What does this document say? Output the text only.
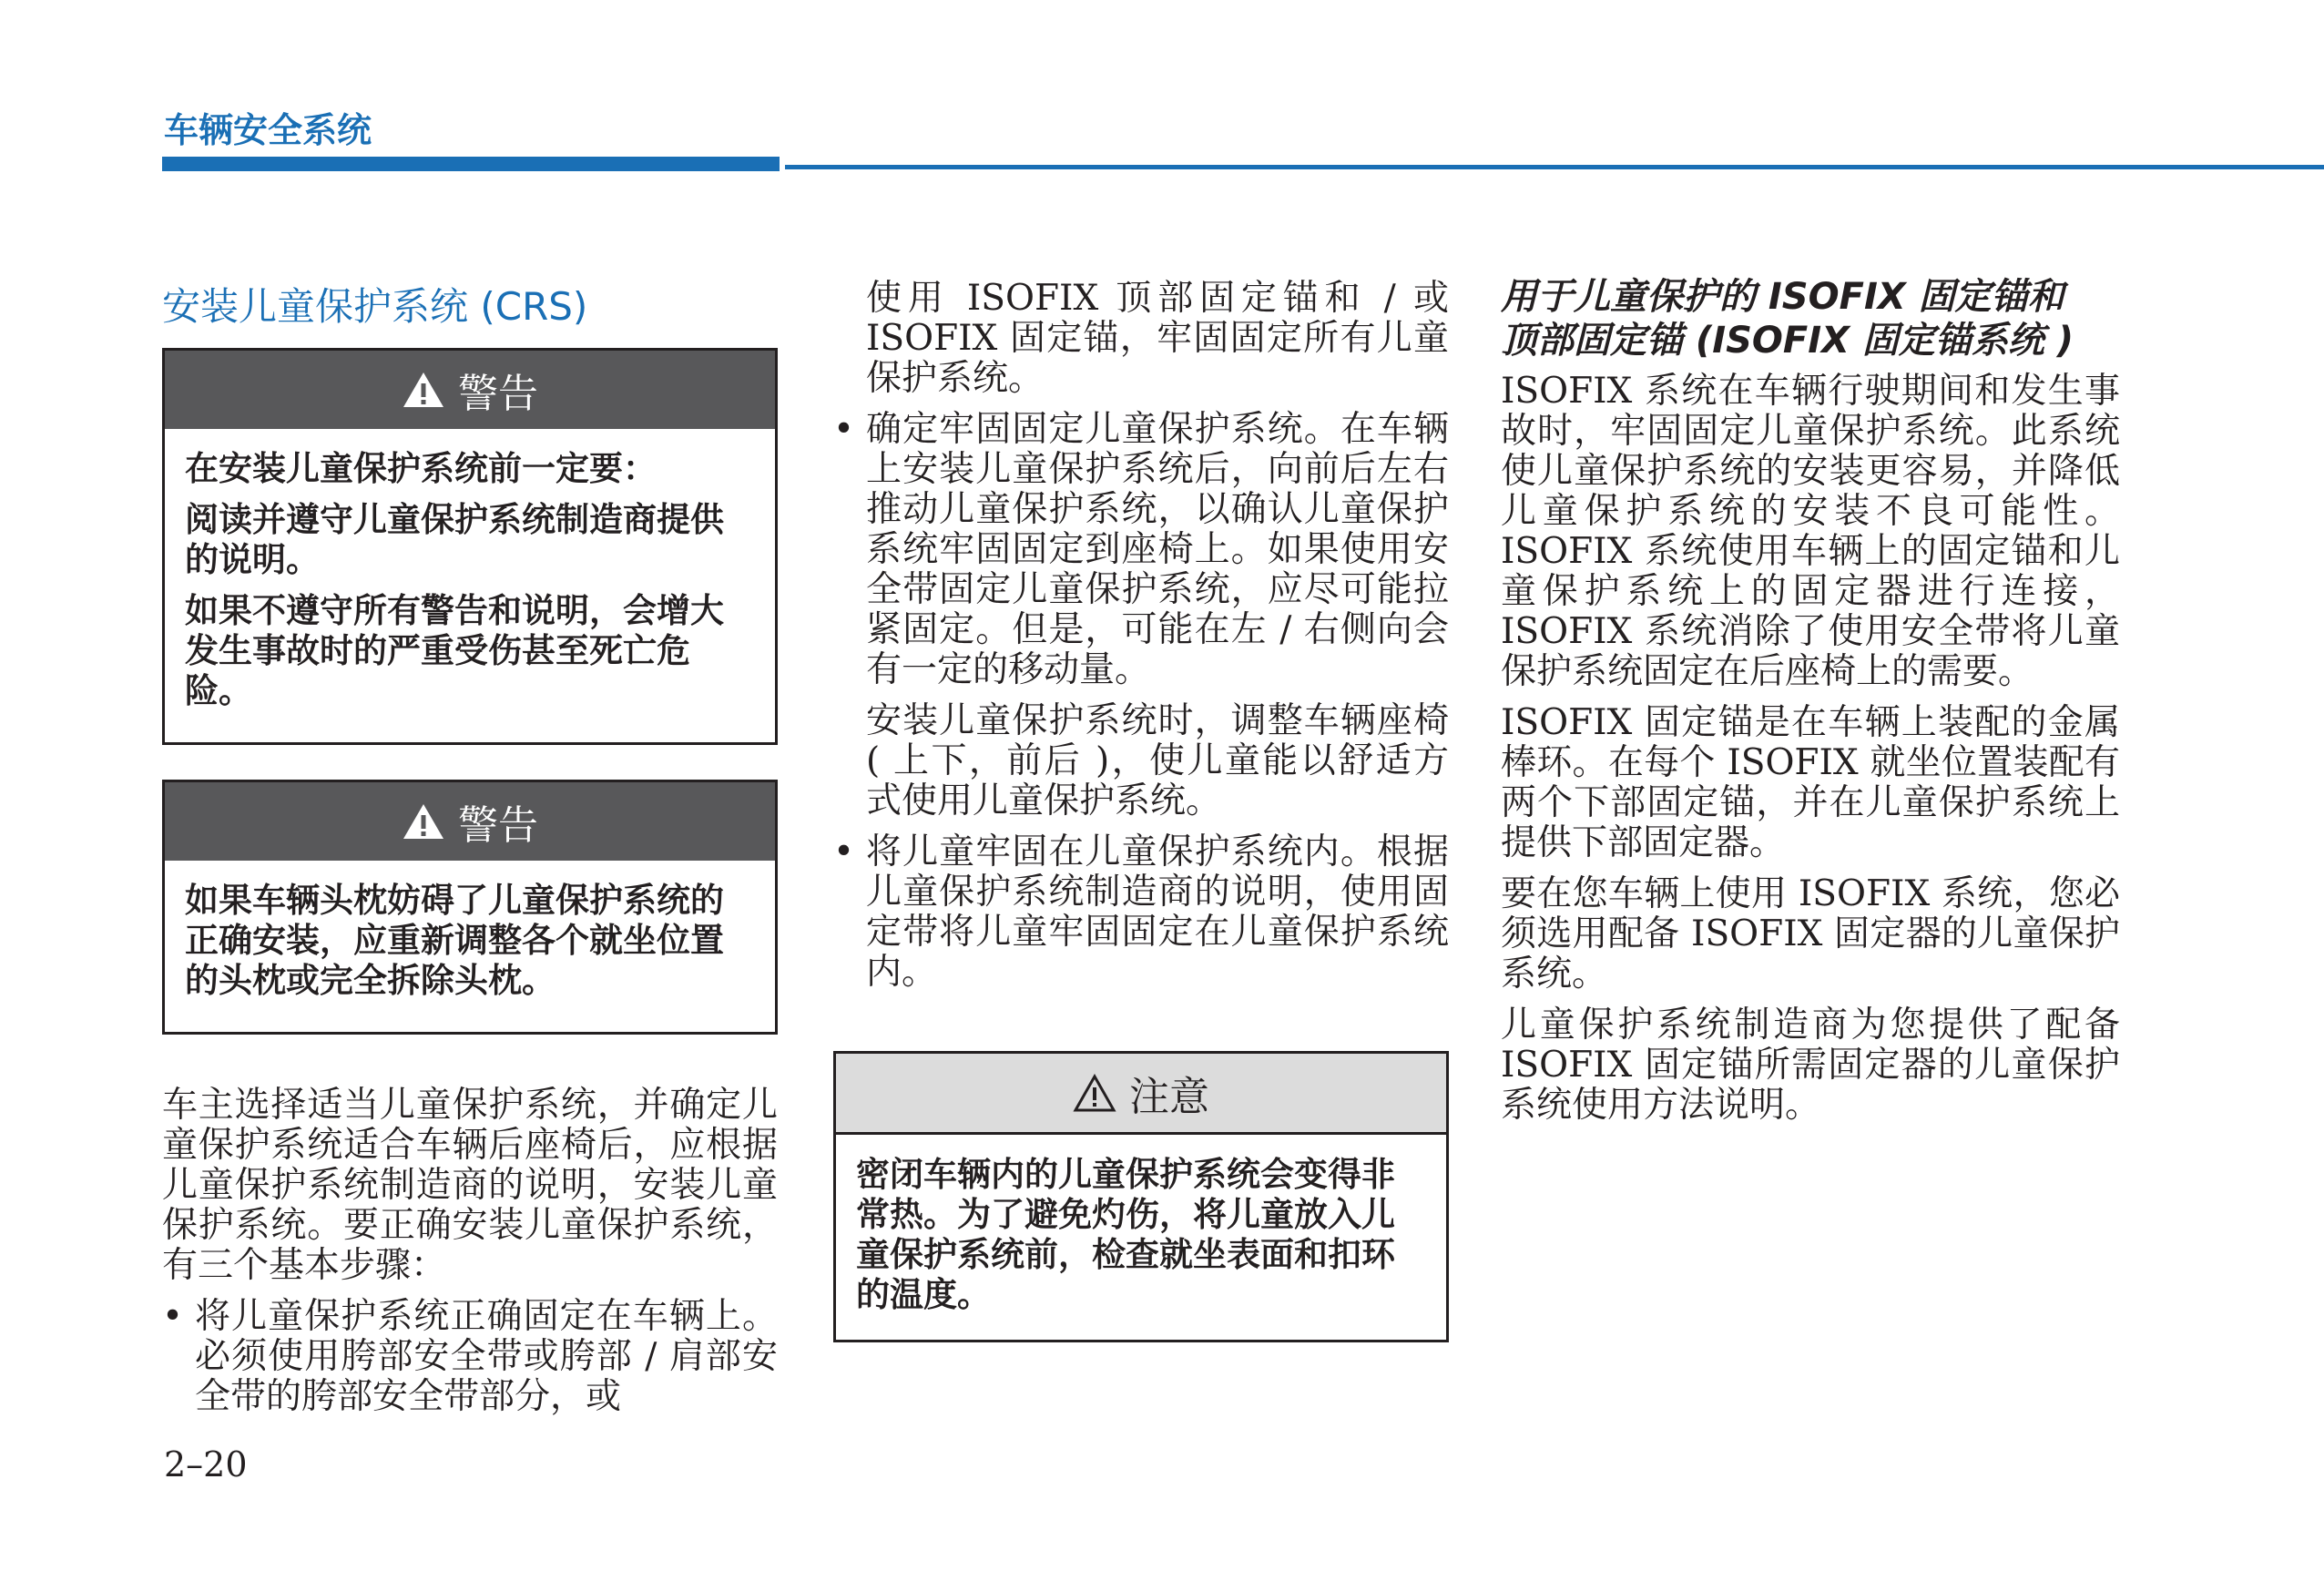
车辆安全系统
安装儿童保护系统 (CRS)
警告

在安装儿童保护系统前一定要：

阅读并遵守儿童保护系统制造商提供的说明。

如果不遵守所有警告和说明，会增大发生事故时的严重受伤甚至死亡危险。

警告

如果车辆头枕妨碍了儿童保护系统的正确安装，应重新调整各个就坐位置的头枕或完全拆除头枕。

车主选择适当儿童保护系统，并确定儿童保护系统适合车辆后座椅后，应根据儿童保护系统制造商的说明，安装儿童保护系统。要正确安装儿童保护系统，有三个基本步骤：

• 将儿童保护系统正确固定在车辆上。必须使用胯部安全带或胯部 / 肩部安全带的胯部安全带部分，或

使用 ISOFIX 顶部固定锚和 / 或 ISOFIX 固定锚，牢固固定所有儿童保护系统。

• 确定牢固固定儿童保护系统。在车辆上安装儿童保护系统后，向前后左右推动儿童保护系统，以确认儿童保护系统牢固固定到座椅上。如果使用安全带固定儿童保护系统，应尽可能拉紧固定。但是，可能在左 / 右侧向会有一定的移动量。

安装儿童保护系统时，调整车辆座椅 ( 上下，前后 )，使儿童能以舒适方式使用儿童保护系统。

• 将儿童牢固在儿童保护系统内。根据儿童保护系统制造商的说明，使用固定带将儿童牢固固定在儿童保护系统内。

注意

密闭车辆内的儿童保护系统会变得非常热。为了避免灼伤，将儿童放入儿童保护系统前，检查就坐表面和扣环的温度。

用于儿童保护的 ISOFIX 固定锚和
顶部固定锚 (ISOFIX 固定锚系统 )

ISOFIX 系统在车辆行驶期间和发生事故时，牢固固定儿童保护系统。此系统使儿童保护系统的安装更容易，并降低儿童保护系统的安装不良可能性。ISOFIX 系统使用车辆上的固定锚和儿童保护系统上的固定器进行连接，ISOFIX 系统消除了使用安全带将儿童保护系统固定在后座椅上的需要。

ISOFIX 固定锚是在车辆上装配的金属棒环。在每个 ISOFIX 就坐位置装配有两个下部固定锚，并在儿童保护系统上提供下部固定器。

要在您车辆上使用 ISOFIX 系统，您必须选用配备 ISOFIX 固定器的儿童保护系统。

儿童保护系统制造商为您提供了配备 ISOFIX 固定锚所需固定器的儿童保护系统使用方法说明。

2–20
